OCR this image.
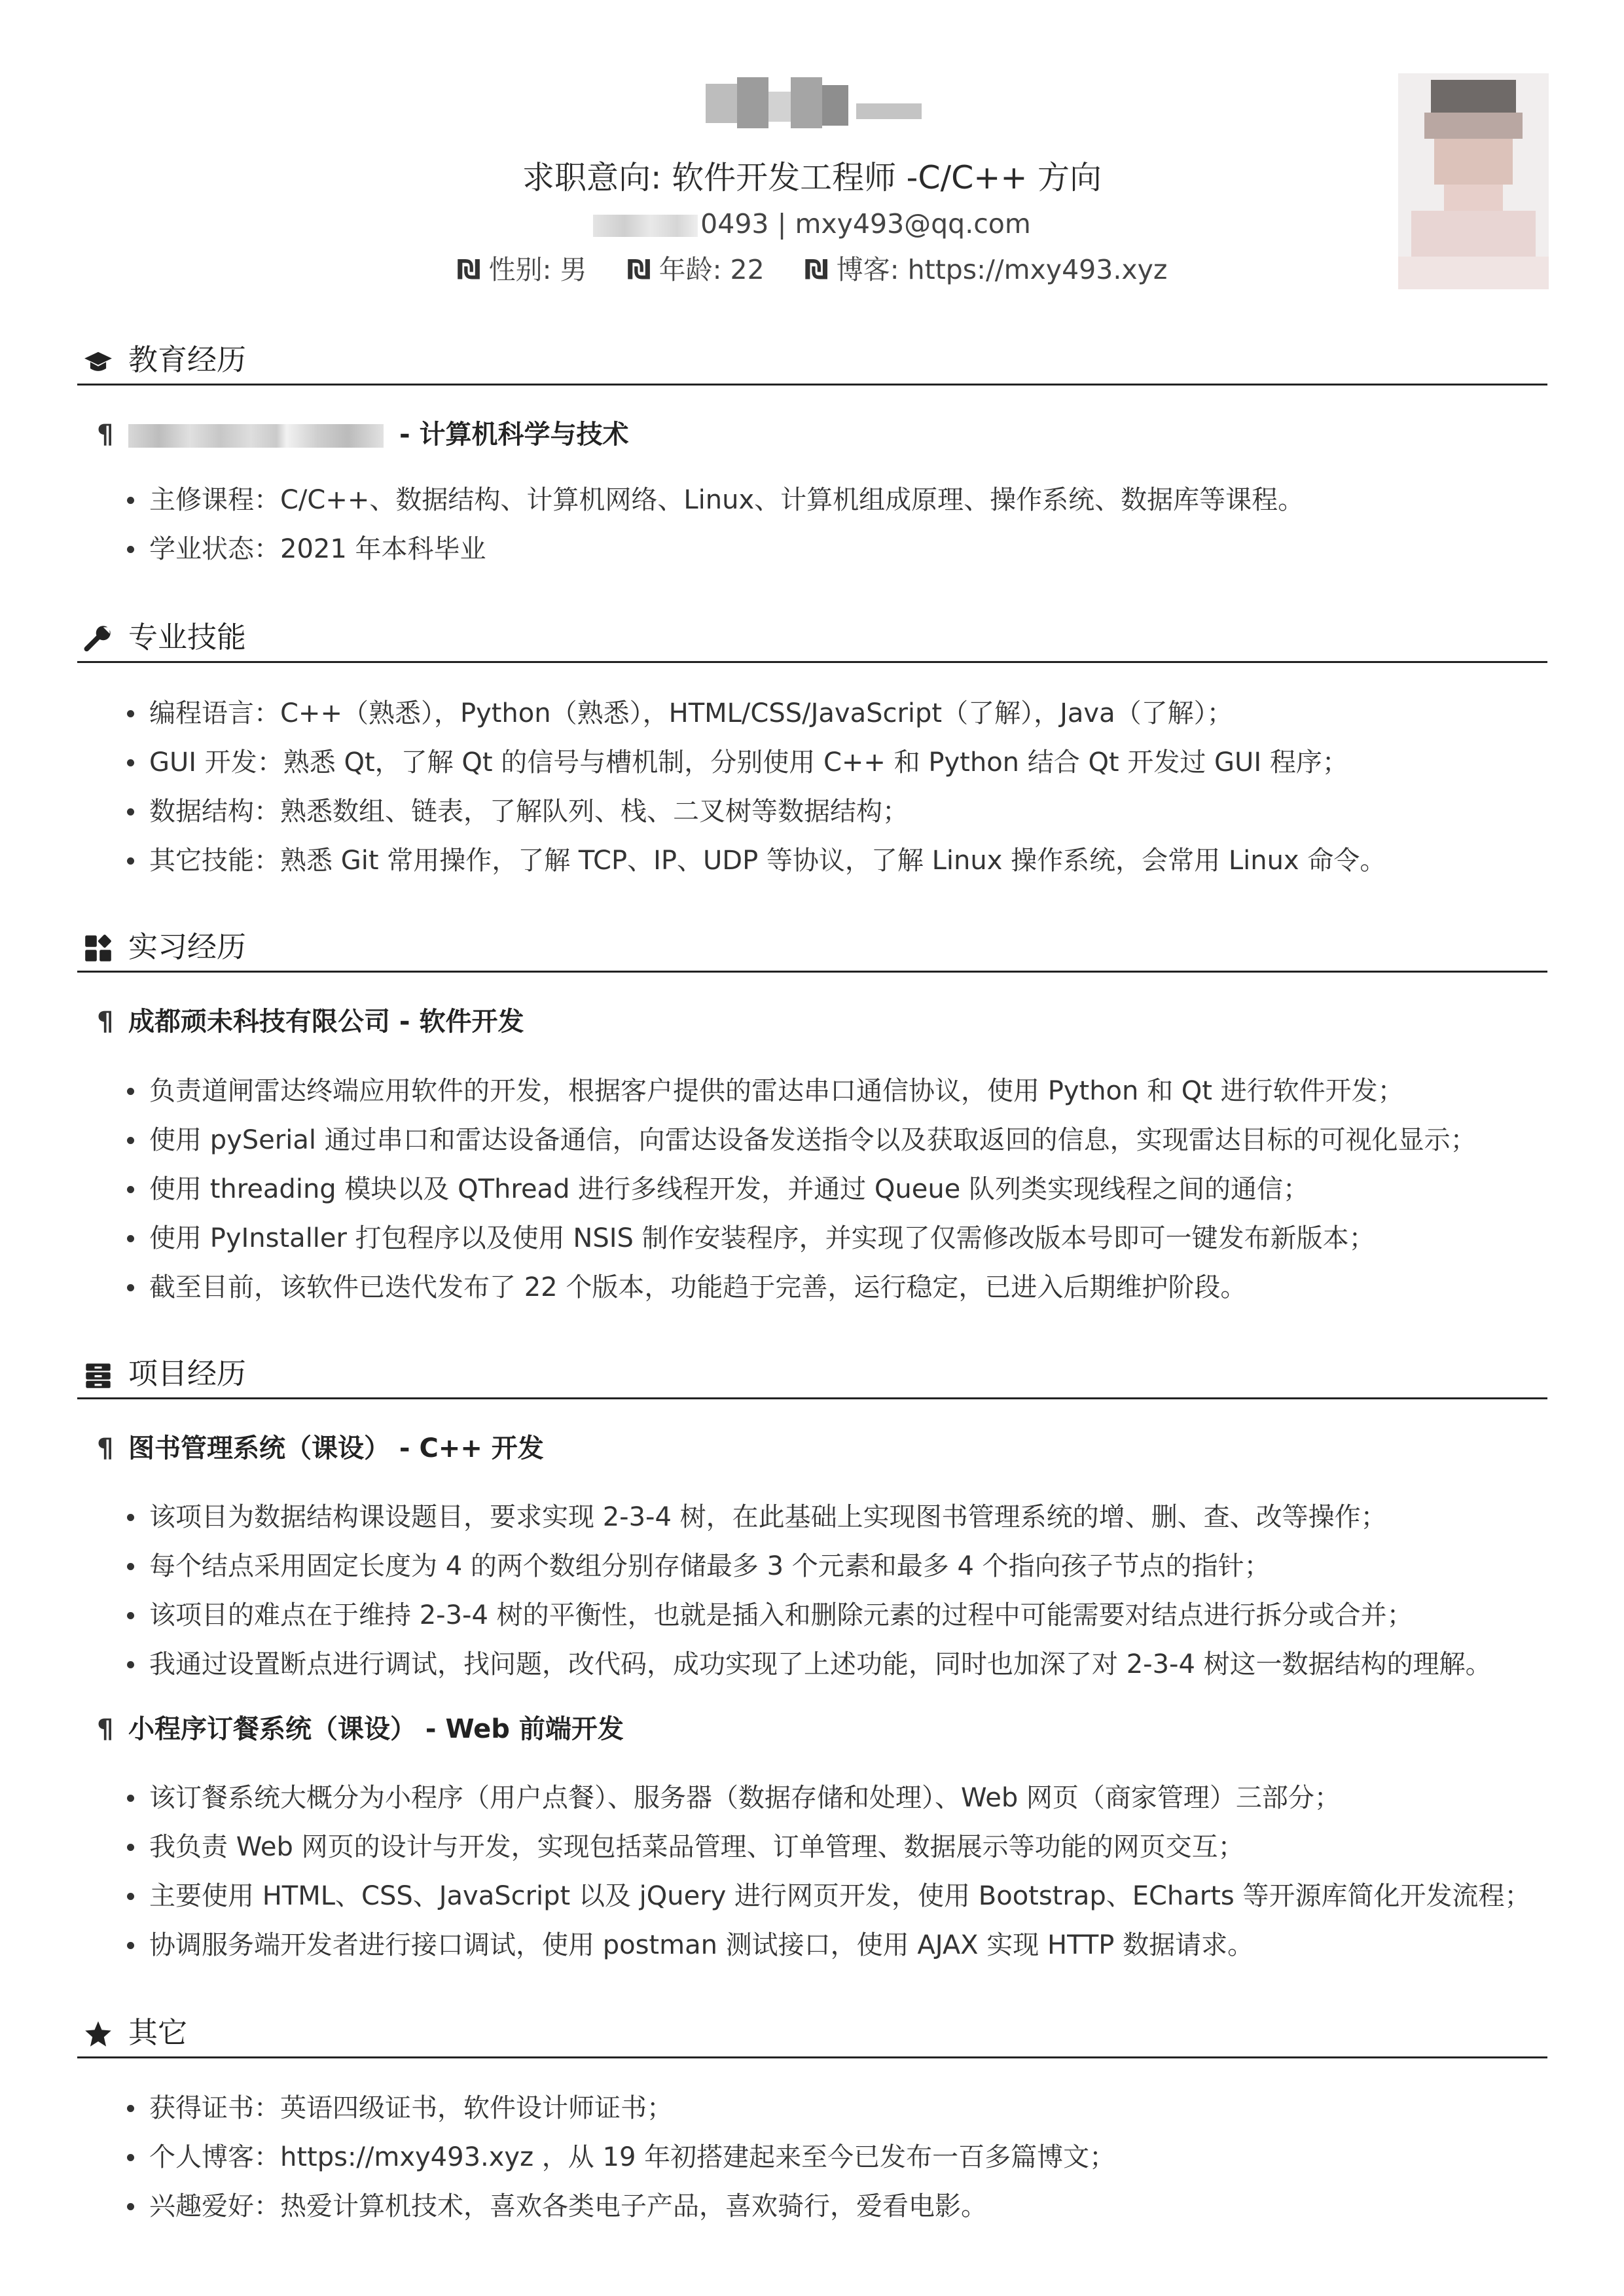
求职意向: 软件开发工程师 -C/C++ 方向
0493 | mxy493@qq.com
₪ 性别: 男 ₪ 年龄: 22 ₪ 博客: https://mxy493.xyz
教育经历
¶	- 计算机科学与技术
主修课程：C/C++、数据结构、计算机网络、Linux、计算机组成原理、操作系统、数据库等课程。
学业状态：2021 年本科毕业
专业技能
编程语言：C++（熟悉），Python（熟悉），HTML/CSS/JavaScript（了解），Java（了解）；
GUI 开发：熟悉 Qt，了解 Qt 的信号与槽机制，分别使用 C++ 和 Python 结合 Qt 开发过 GUI 程序；
数据结构：熟悉数组、链表，了解队列、栈、二叉树等数据结构；
其它技能：熟悉 Git 常用操作，了解 TCP、IP、UDP 等协议，了解 Linux 操作系统，会常用 Linux 命令。
实习经历
¶ 成都顽未科技有限公司 - 软件开发
负责道闸雷达终端应用软件的开发，根据客户提供的雷达串口通信协议，使用 Python 和 Qt 进行软件开发；
使用 pySerial 通过串口和雷达设备通信，向雷达设备发送指令以及获取返回的信息，实现雷达目标的可视化显示；
使用 threading 模块以及 QThread 进行多线程开发，并通过 Queue 队列类实现线程之间的通信；
使用 PyInstaller 打包程序以及使用 NSIS 制作安装程序，并实现了仅需修改版本号即可一键发布新版本；
截至目前，该软件已迭代发布了 22 个版本，功能趋于完善，运行稳定，已进入后期维护阶段。
项目经历
¶ 图书管理系统（课设） - C++ 开发
该项目为数据结构课设题目，要求实现 2-3-4 树，在此基础上实现图书管理系统的增、删、查、改等操作；
每个结点采用固定长度为 4 的两个数组分别存储最多 3 个元素和最多 4 个指向孩子节点的指针；
该项目的难点在于维持 2-3-4 树的平衡性，也就是插入和删除元素的过程中可能需要对结点进行拆分或合并；
我通过设置断点进行调试，找问题，改代码，成功实现了上述功能，同时也加深了对 2-3-4 树这一数据结构的理解。
¶ 小程序订餐系统（课设） - Web 前端开发
该订餐系统大概分为小程序（用户点餐）、服务器（数据存储和处理）、Web 网页（商家管理）三部分；
我负责 Web 网页的设计与开发，实现包括菜品管理、订单管理、数据展示等功能的网页交互；
主要使用 HTML、CSS、JavaScript 以及 jQuery 进行网页开发，使用 Bootstrap、ECharts 等开源库简化开发流程；
协调服务端开发者进行接口调试，使用 postman 测试接口，使用 AJAX 实现 HTTP 数据请求。
其它
获得证书：英语四级证书，软件设计师证书；
个人博客：https://mxy493.xyz ，从 19 年初搭建起来至今已发布一百多篇博文；
兴趣爱好：热爱计算机技术，喜欢各类电子产品，喜欢骑行，爱看电影。
